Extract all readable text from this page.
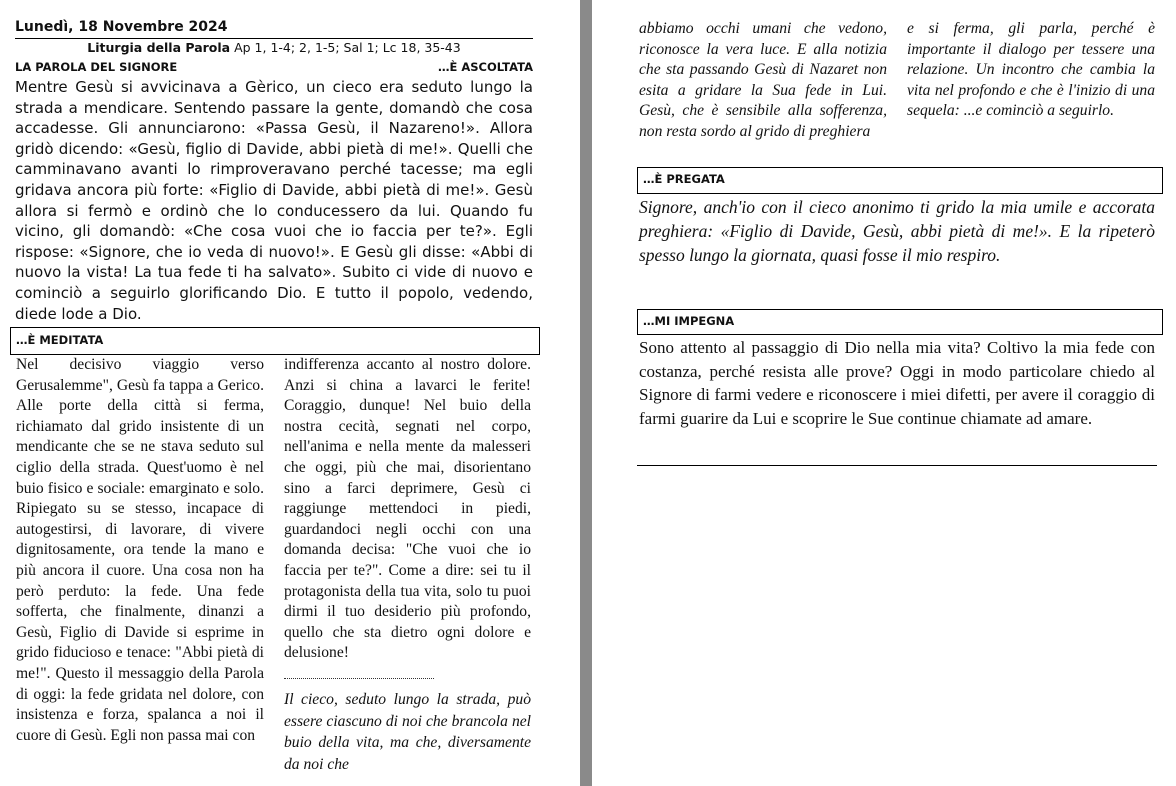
Lunedì, 18 Novembre 2024
Liturgia della Parola Ap 1, 1-4; 2, 1-5; Sal 1; Lc 18, 35-43
LA PAROLA DEL SIGNORE	…È ASCOLTATA

Mentre Gesù si avvicinava a Gèrico, un cieco era seduto lungo la strada a mendicare. Sentendo passare la gente, domandò che cosa accadesse. Gli annunciarono: «Passa Gesù, il Nazareno!». Allora gridò dicendo: «Gesù, figlio di Davide, abbi pietà di me!». Quelli che camminavano avanti lo rimproveravano perché tacesse; ma egli gridava ancora più forte: «Figlio di Davide, abbi pietà di me!». Gesù allora si fermò e ordinò che lo conducessero da lui. Quando fu vicino, gli domandò: «Che cosa vuoi che io faccia per te?». Egli rispose: «Signore, che io veda di nuovo!». E Gesù gli disse: «Abbi di nuovo la vista! La tua fede ti ha salvato». Subito ci vide di nuovo e cominciò a seguirlo glorificando Dio. E tutto il popolo, vedendo, diede lode a Dio.

…È MEDITATA

Nel decisivo viaggio verso Gerusalemme", Gesù fa tappa a Gerico. Alle porte della città si ferma, richiamato dal grido insistente di un mendicante che se ne stava seduto sul ciglio della strada. Quest'uomo è nel buio fisico e sociale: emarginato e solo. Ripiegato su se stesso, incapace di autogestirsi, di lavorare, di vivere dignitosamente, ora tende la mano e più ancora il cuore. Una cosa non ha però perduto: la fede. Una fede sofferta, che finalmente, dinanzi a Gesù, Figlio di Davide si esprime in grido fiducioso e tenace: "Abbi pietà di me!". Questo il messaggio della Parola di oggi: la fede gridata nel dolore, con insistenza e forza, spalanca a noi il cuore di Gesù. Egli non passa mai con

indifferenza accanto al nostro dolore. Anzi si china a lavarci le ferite! Coraggio, dunque! Nel buio della nostra cecità, segnati nel corpo, nell'anima e nella mente da malesseri che oggi, più che mai, disorientano sino a farci deprimere, Gesù ci raggiunge mettendoci in piedi, guardandoci negli occhi con una domanda decisa: "Che vuoi che io faccia per te?". Come a dire: sei tu il protagonista della tua vita, solo tu puoi dirmi il tuo desiderio più profondo, quello che sta dietro ogni dolore e delusione!

Il cieco, seduto lungo la strada, può essere ciascuno di noi che brancola nel buio della vita, ma che, diversamente da noi che

abbiamo occhi umani che vedono, riconosce la vera luce. E alla notizia che sta passando Gesù di Nazaret non esita a gridare la Sua fede in Lui. Gesù, che è sensibile alla sofferenza, non resta sordo al grido di preghiera

e si ferma, gli parla, perché è importante il dialogo per tessere una relazione. Un incontro che cambia la vita nel profondo e che è l'inizio di una sequela: ...e cominciò a seguirlo.

…È PREGATA

Signore, anch'io con il cieco anonimo ti grido la mia umile e accorata preghiera: «Figlio di Davide, Gesù, abbi pietà di me!». E la ripeterò spesso lungo la giornata, quasi fosse il mio respiro.

…MI IMPEGNA

Sono attento al passaggio di Dio nella mia vita? Coltivo la mia fede con costanza, perché resista alle prove? Oggi in modo particolare chiedo al Signore di farmi vedere e riconoscere i miei difetti, per avere il coraggio di farmi guarire da Lui e scoprire le Sue continue chiamate ad amare.
